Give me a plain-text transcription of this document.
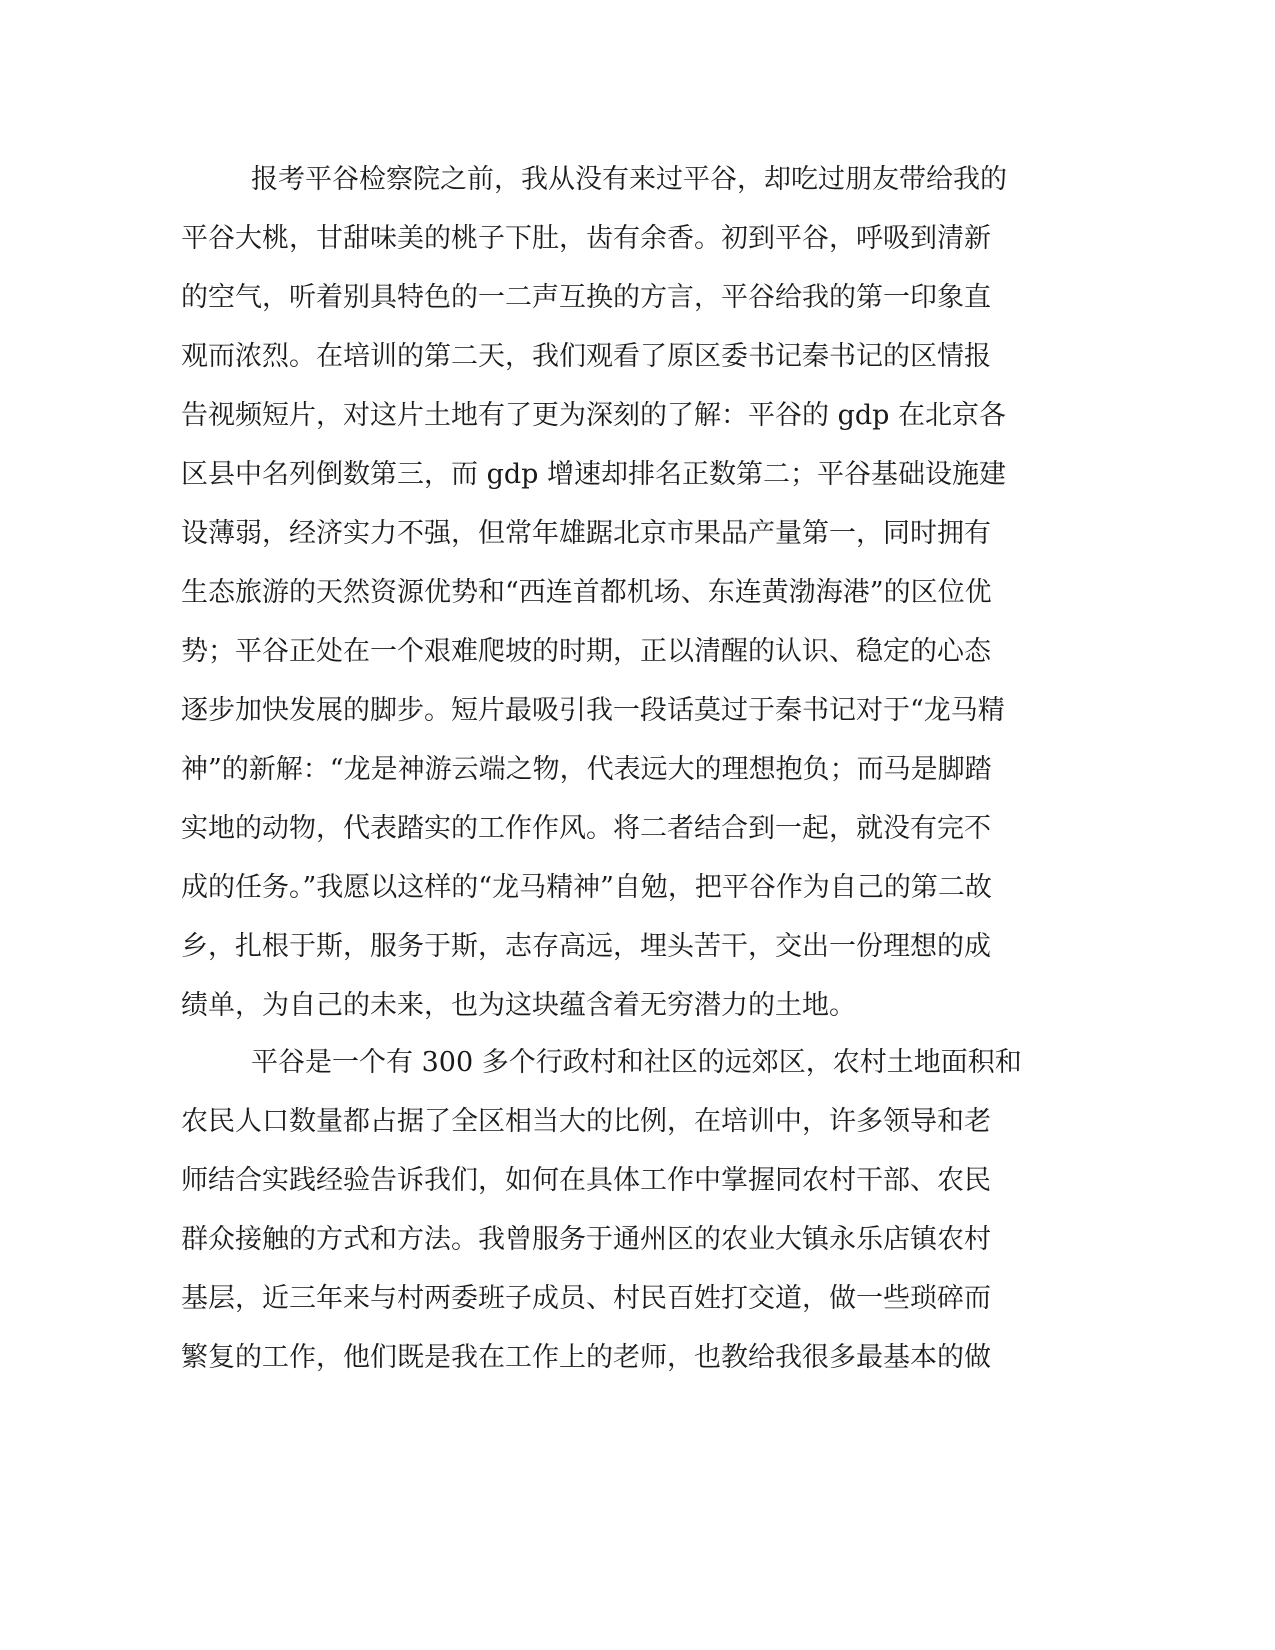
报考平谷检察院之前，我从没有来过平谷，却吃过朋友带给我的
平谷大桃，甘甜味美的桃子下肚，齿有余香。初到平谷，呼吸到清新
的空气，听着别具特色的一二声互换的方言，平谷给我的第一印象直
观而浓烈。在培训的第二天，我们观看了原区委书记秦书记的区情报
告视频短片，对这片土地有了更为深刻的了解：平谷的 gdp 在北京各
区县中名列倒数第三，而 gdp 增速却排名正数第二；平谷基础设施建
设薄弱，经济实力不强，但常年雄踞北京市果品产量第一，同时拥有
生态旅游的天然资源优势和“西连首都机场、东连黄渤海港”的区位优
势；平谷正处在一个艰难爬坡的时期，正以清醒的认识、稳定的心态
逐步加快发展的脚步。短片最吸引我一段话莫过于秦书记对于“龙马精
神”的新解：“龙是神游云端之物，代表远大的理想抱负；而马是脚踏
实地的动物，代表踏实的工作作风。将二者结合到一起，就没有完不
成的任务。”我愿以这样的“龙马精神”自勉，把平谷作为自己的第二故
乡，扎根于斯，服务于斯，志存高远，埋头苦干，交出一份理想的成
绩单，为自己的未来，也为这块蕴含着无穷潜力的土地。
平谷是一个有 300 多个行政村和社区的远郊区，农村土地面积和
农民人口数量都占据了全区相当大的比例，在培训中，许多领导和老
师结合实践经验告诉我们，如何在具体工作中掌握同农村干部、农民
群众接触的方式和方法。我曾服务于通州区的农业大镇永乐店镇农村
基层，近三年来与村两委班子成员、村民百姓打交道，做一些琐碎而
繁复的工作，他们既是我在工作上的老师，也教给我很多最基本的做
